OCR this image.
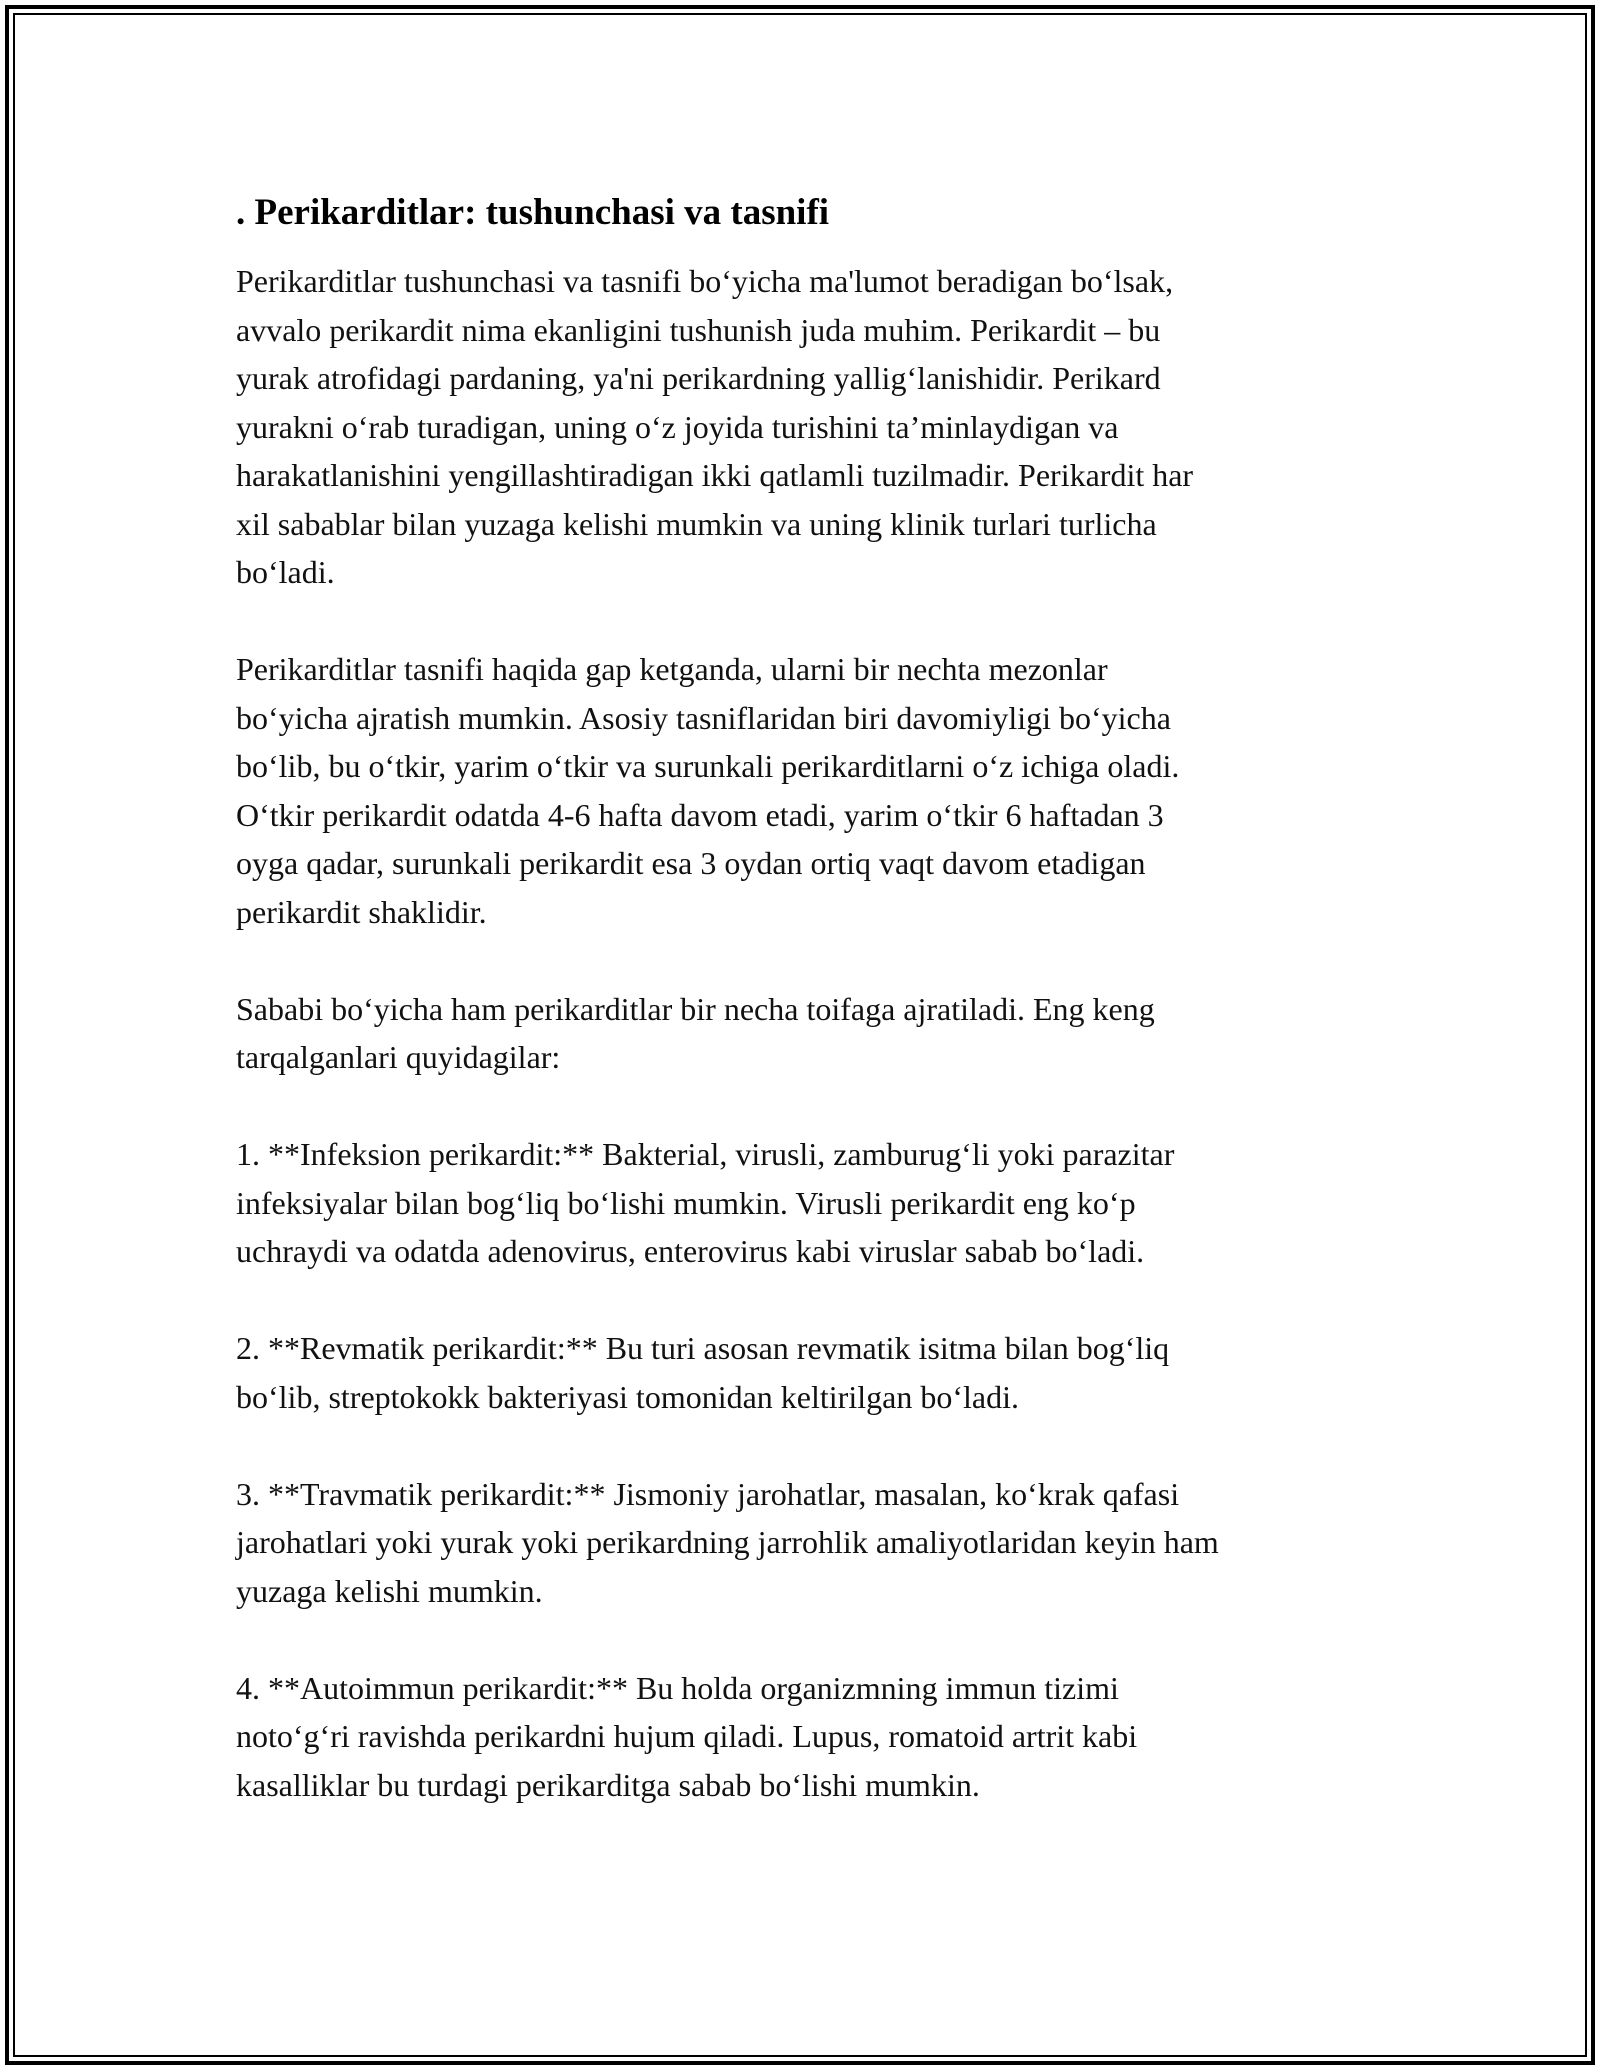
. Perikarditlar: tushunchasi va tasnifi

Perikarditlar tushunchasi va tasnifi bo‘yicha ma'lumot beradigan bo‘lsak,
avvalo perikardit nima ekanligini tushunish juda muhim. Perikardit – bu
yurak atrofidagi pardaning, ya'ni perikardning yallig‘lanishidir. Perikard
yurakni o‘rab turadigan, uning o‘z joyida turishini ta’minlaydigan va
harakatlanishini yengillashtiradigan ikki qatlamli tuzilmadir. Perikardit har
xil sabablar bilan yuzaga kelishi mumkin va uning klinik turlari turlicha
bo‘ladi.

Perikarditlar tasnifi haqida gap ketganda, ularni bir nechta mezonlar
bo‘yicha ajratish mumkin. Asosiy tasniflaridan biri davomiyligi bo‘yicha
bo‘lib, bu o‘tkir, yarim o‘tkir va surunkali perikarditlarni o‘z ichiga oladi.
O‘tkir perikardit odatda 4-6 hafta davom etadi, yarim o‘tkir 6 haftadan 3
oyga qadar, surunkali perikardit esa 3 oydan ortiq vaqt davom etadigan
perikardit shaklidir.

Sababi bo‘yicha ham perikarditlar bir necha toifaga ajratiladi. Eng keng
tarqalganlari quyidagilar:

1. **Infeksion perikardit:** Bakterial, virusli, zamburug‘li yoki parazitar
infeksiyalar bilan bog‘liq bo‘lishi mumkin. Virusli perikardit eng ko‘p
uchraydi va odatda adenovirus, enterovirus kabi viruslar sabab bo‘ladi.

2. **Revmatik perikardit:** Bu turi asosan revmatik isitma bilan bog‘liq
bo‘lib, streptokokk bakteriyasi tomonidan keltirilgan bo‘ladi.

3. **Travmatik perikardit:** Jismoniy jarohatlar, masalan, ko‘krak qafasi
jarohatlari yoki yurak yoki perikardning jarrohlik amaliyotlaridan keyin ham
yuzaga kelishi mumkin.

4. **Autoimmun perikardit:** Bu holda organizmning immun tizimi
noto‘g‘ri ravishda perikardni hujum qiladi. Lupus, romatoid artrit kabi
kasalliklar bu turdagi perikarditga sabab bo‘lishi mumkin.
